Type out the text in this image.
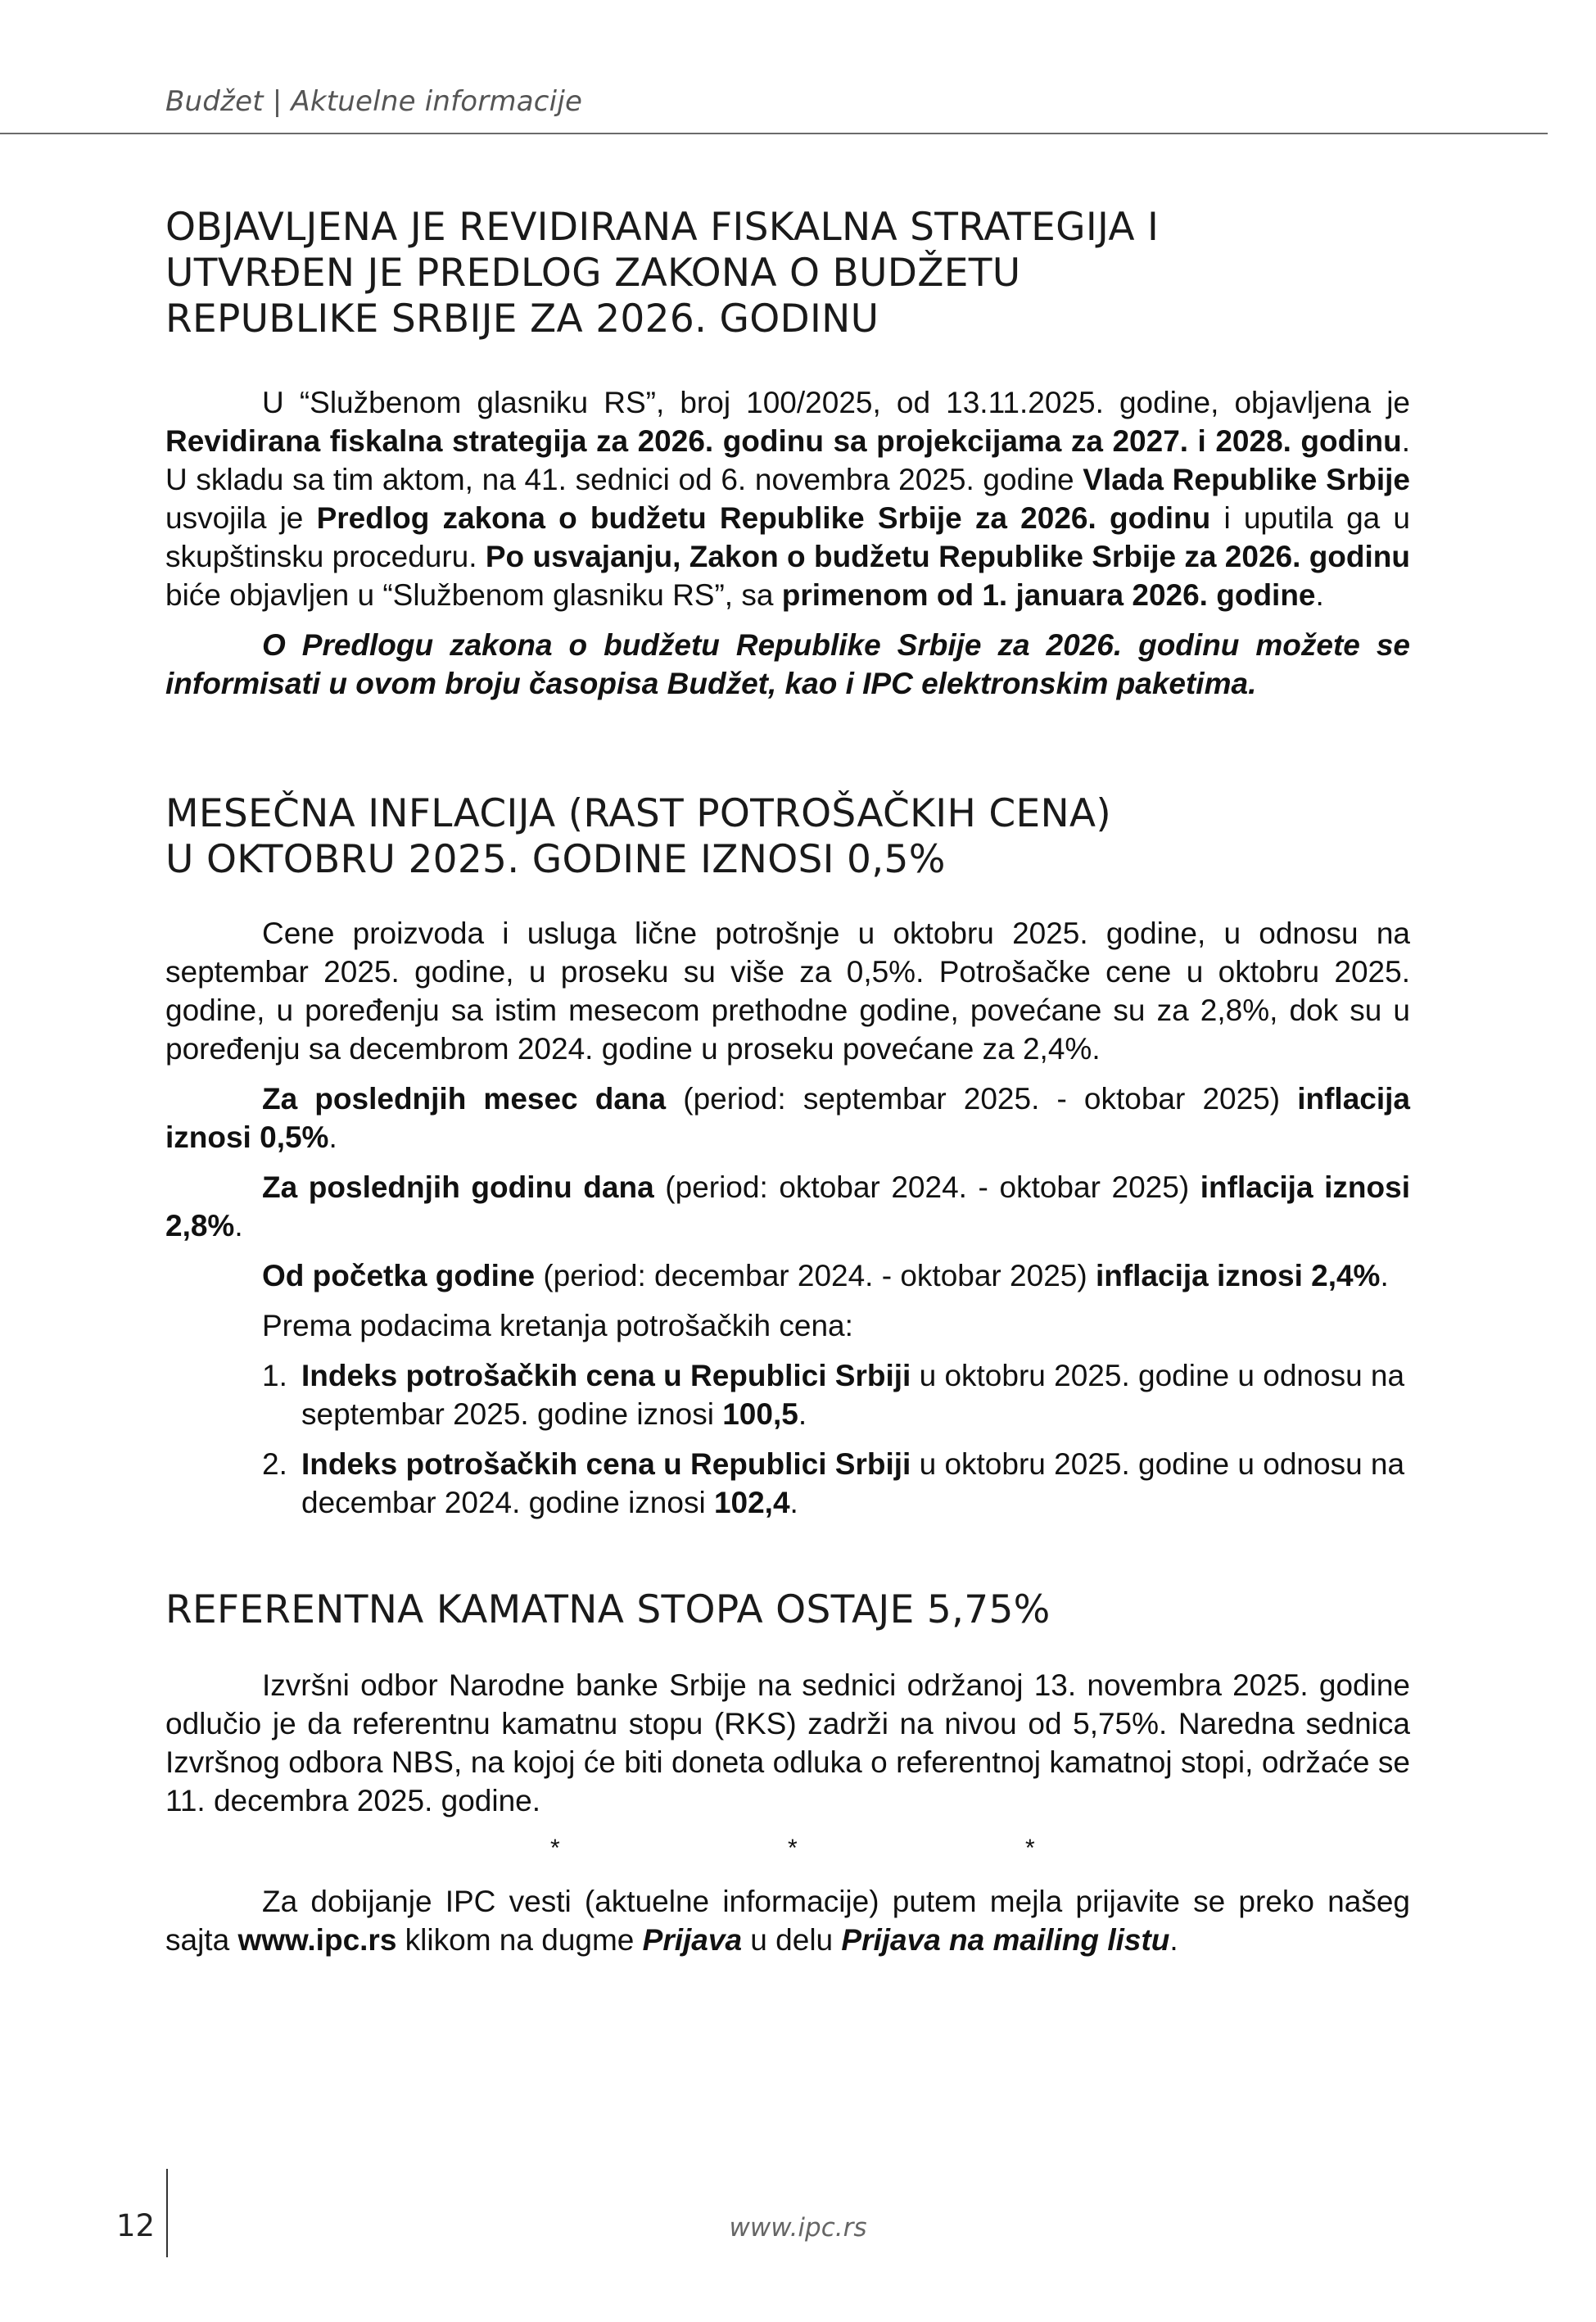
Budžet | Aktuelne informacije
OBJAVLJENA JE REVIDIRANA FISKALNA STRATEGIJA I
UTVRĐEN JE PREDLOG ZAKONA O BUDŽETU
REPUBLIKE SRBIJE ZA 2026. GODINU

U “Službenom glasniku RS”, broj 100/2025, od 13.11.2025. godine, objavljena je Revidirana fiskalna strategija za 2026. godinu sa projekcijama za 2027. i 2028. godinu. U skladu sa tim aktom, na 41. sednici od 6. novembra 2025. godine Vlada Republike Srbije usvojila je Predlog zakona o budžetu Republike Srbije za 2026. godinu i uputila ga u skupštinsku proceduru. Po usvajanju, Zakon o budžetu Republike Srbije za 2026. godinu biće objavljen u “Službenom glasniku RS”, sa primenom od 1. januara 2026. godine.

O Predlogu zakona o budžetu Republike Srbije za 2026. godinu možete se informisati u ovom broju časopisa Budžet, kao i IPC elektronskim paketima.

MESEČNA INFLACIJA (RAST POTROŠAČKIH CENA)
U OKTOBRU 2025. GODINE IZNOSI 0,5%

Cene proizvoda i usluga lične potrošnje u oktobru 2025. godine, u odnosu na septembar 2025. godine, u proseku su više za 0,5%. Potrošačke cene u oktobru 2025. godine, u poređenju sa istim mesecom prethodne godine, povećane su za 2,8%, dok su u poređenju sa decembrom 2024. godine u proseku povećane za 2,4%.

Za poslednjih mesec dana (period: septembar 2025. - oktobar 2025) inflacija iznosi 0,5%.

Za poslednjih godinu dana (period: oktobar 2024. - oktobar 2025) inflacija iznosi 2,8%.

Od početka godine (period: decembar 2024. - oktobar 2025) inflacija iznosi 2,4%.

Prema podacima kretanja potrošačkih cena:

1. Indeks potrošačkih cena u Republici Srbiji u oktobru 2025. godine u odnosu na septembar 2025. godine iznosi 100,5.
2. Indeks potrošačkih cena u Republici Srbiji u oktobru 2025. godine u odnosu na decembar 2024. godine iznosi 102,4.
REFERENTNA KAMATNA STOPA OSTAJE 5,75%

Izvršni odbor Narodne banke Srbije na sednici održanoj 13. novembra 2025. godine odlučio je da referentnu kamatnu stopu (RKS) zadrži na nivou od 5,75%. Naredna sednica Izvršnog odbora NBS, na kojoj će biti doneta odluka o referentnoj kamatnoj stopi, održaće se 11. decembra 2025. godine.

*	*	*

Za dobijanje IPC vesti (aktuelne informacije) putem mejla prijavite se preko našeg sajta www.ipc.rs klikom na dugme Prijava u delu Prijava na mailing listu.

12	www.ipc.rs
